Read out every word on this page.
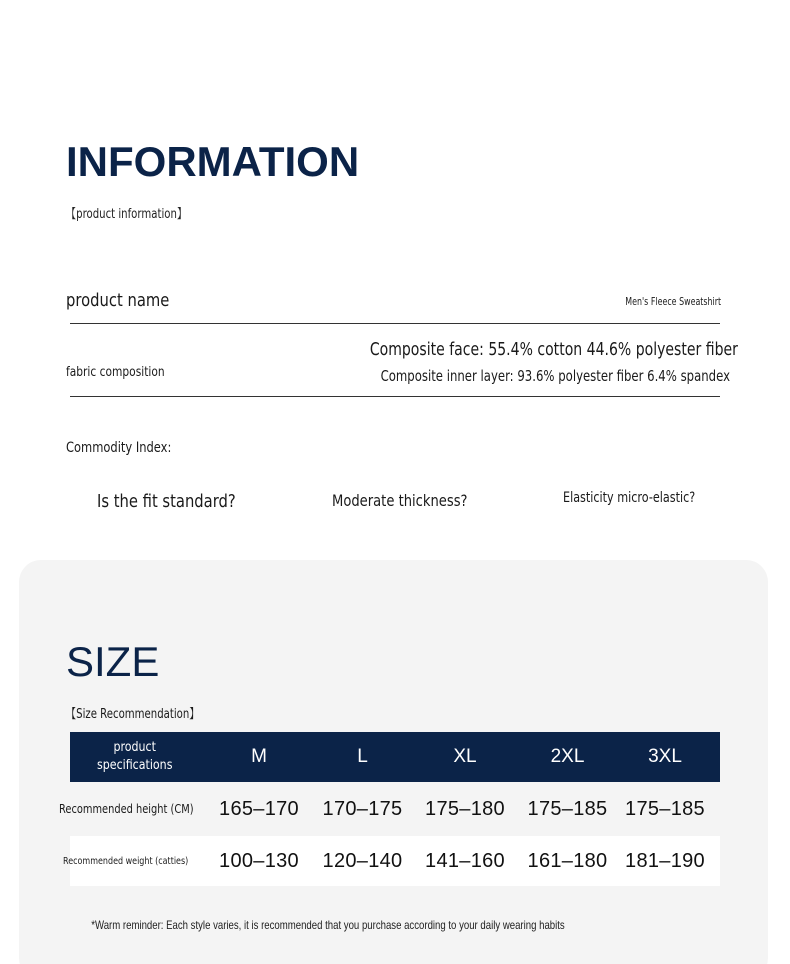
INFORMATION
【product information】
product name	Men's Fleece Sweatshirt
Composite face: 55.4% cotton 44.6% polyester fiber
fabric composition	Composite inner layer: 93.6% polyester fiber 6.4% spandex
Commodity Index:
Is the fit standard?	Moderate thickness?	Elasticity micro-elastic?
SIZE
【Size Recommendation】
product
specifications	M	L	XL	2XL	3XL
Recommended height (CM) 165–170 170–175 175–180 175–185 175–185
Recommended weight (catties) 100–130 120–140 141–160 161–180 181–190
*Warm reminder: Each style varies, it is recommended that you purchase according to your daily wearing habits
